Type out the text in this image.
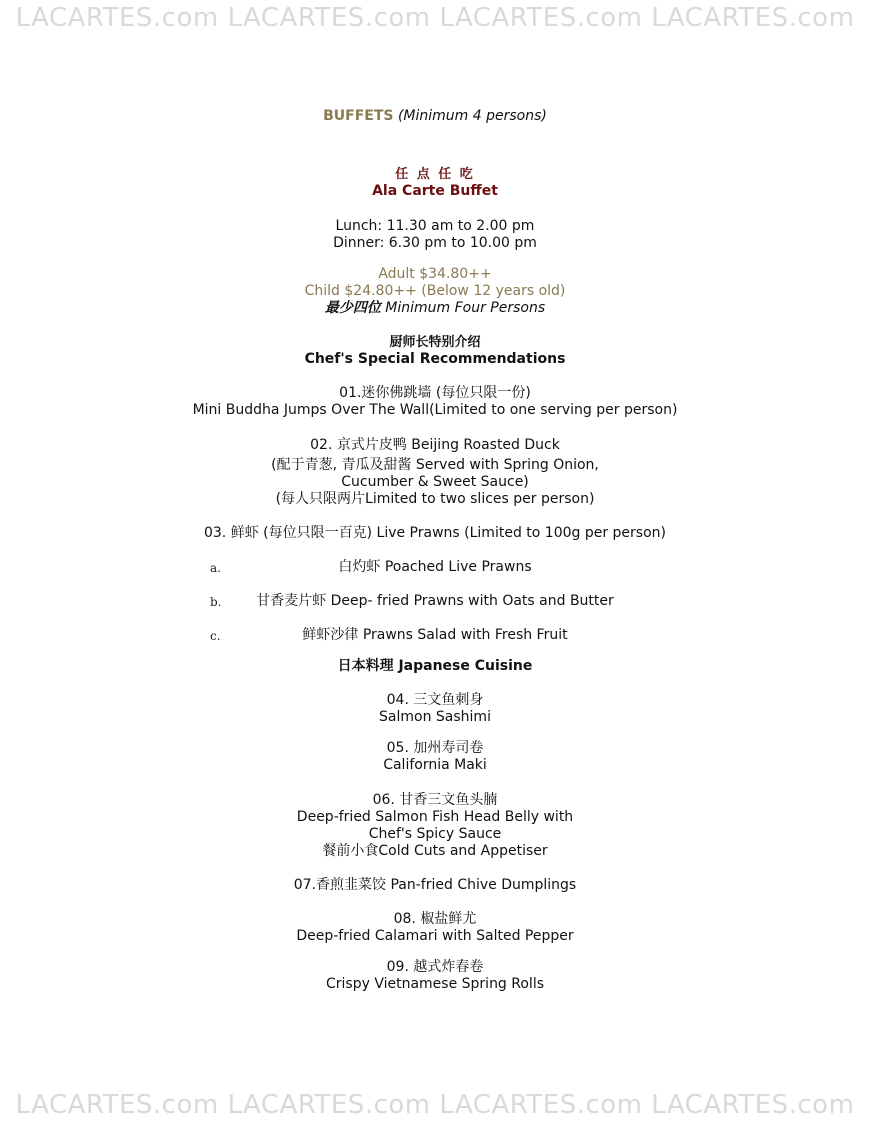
LACARTES.com LACARTES.com LACARTES.com LACARTES.com
BUFFETS (Minimum 4 persons)
任 点 任 吃
Ala Carte Buffet
Lunch: 11.30 am to 2.00 pm
Dinner: 6.30 pm to 10.00 pm
Adult $34.80++
Child $24.80++ (Below 12 years old)
最少四位 Minimum Four Persons
厨师长特别介绍
Chef's Special Recommendations
01.迷你佛跳墙 (每位只限一份)
Mini Buddha Jumps Over The Wall(Limited to one serving per person)
02. 京式片皮鸭 Beijing Roasted Duck
(配于青葱, 青瓜及甜酱 Served with Spring Onion,
Cucumber & Sweet Sauce)
(每人只限两片Limited to two slices per person)
03. 鲜虾 (每位只限一百克) Live Prawns (Limited to 100g per person)
a.	白灼虾 Poached Live Prawns
b.	甘香麦片虾 Deep- fried Prawns with Oats and Butter
c.	鲜虾沙律 Prawns Salad with Fresh Fruit
日本料理 Japanese Cuisine
04. 三文鱼刺身
Salmon Sashimi
05. 加州寿司卷
California Maki
06. 甘香三文鱼头腩
Deep-fried Salmon Fish Head Belly with
Chef's Spicy Sauce
餐前小食Cold Cuts and Appetiser
07.香煎韭菜饺 Pan-fried Chive Dumplings
08. 椒盐鲜尤
Deep-fried Calamari with Salted Pepper
09. 越式炸春卷
Crispy Vietnamese Spring Rolls
LACARTES.com LACARTES.com LACARTES.com LACARTES.com
